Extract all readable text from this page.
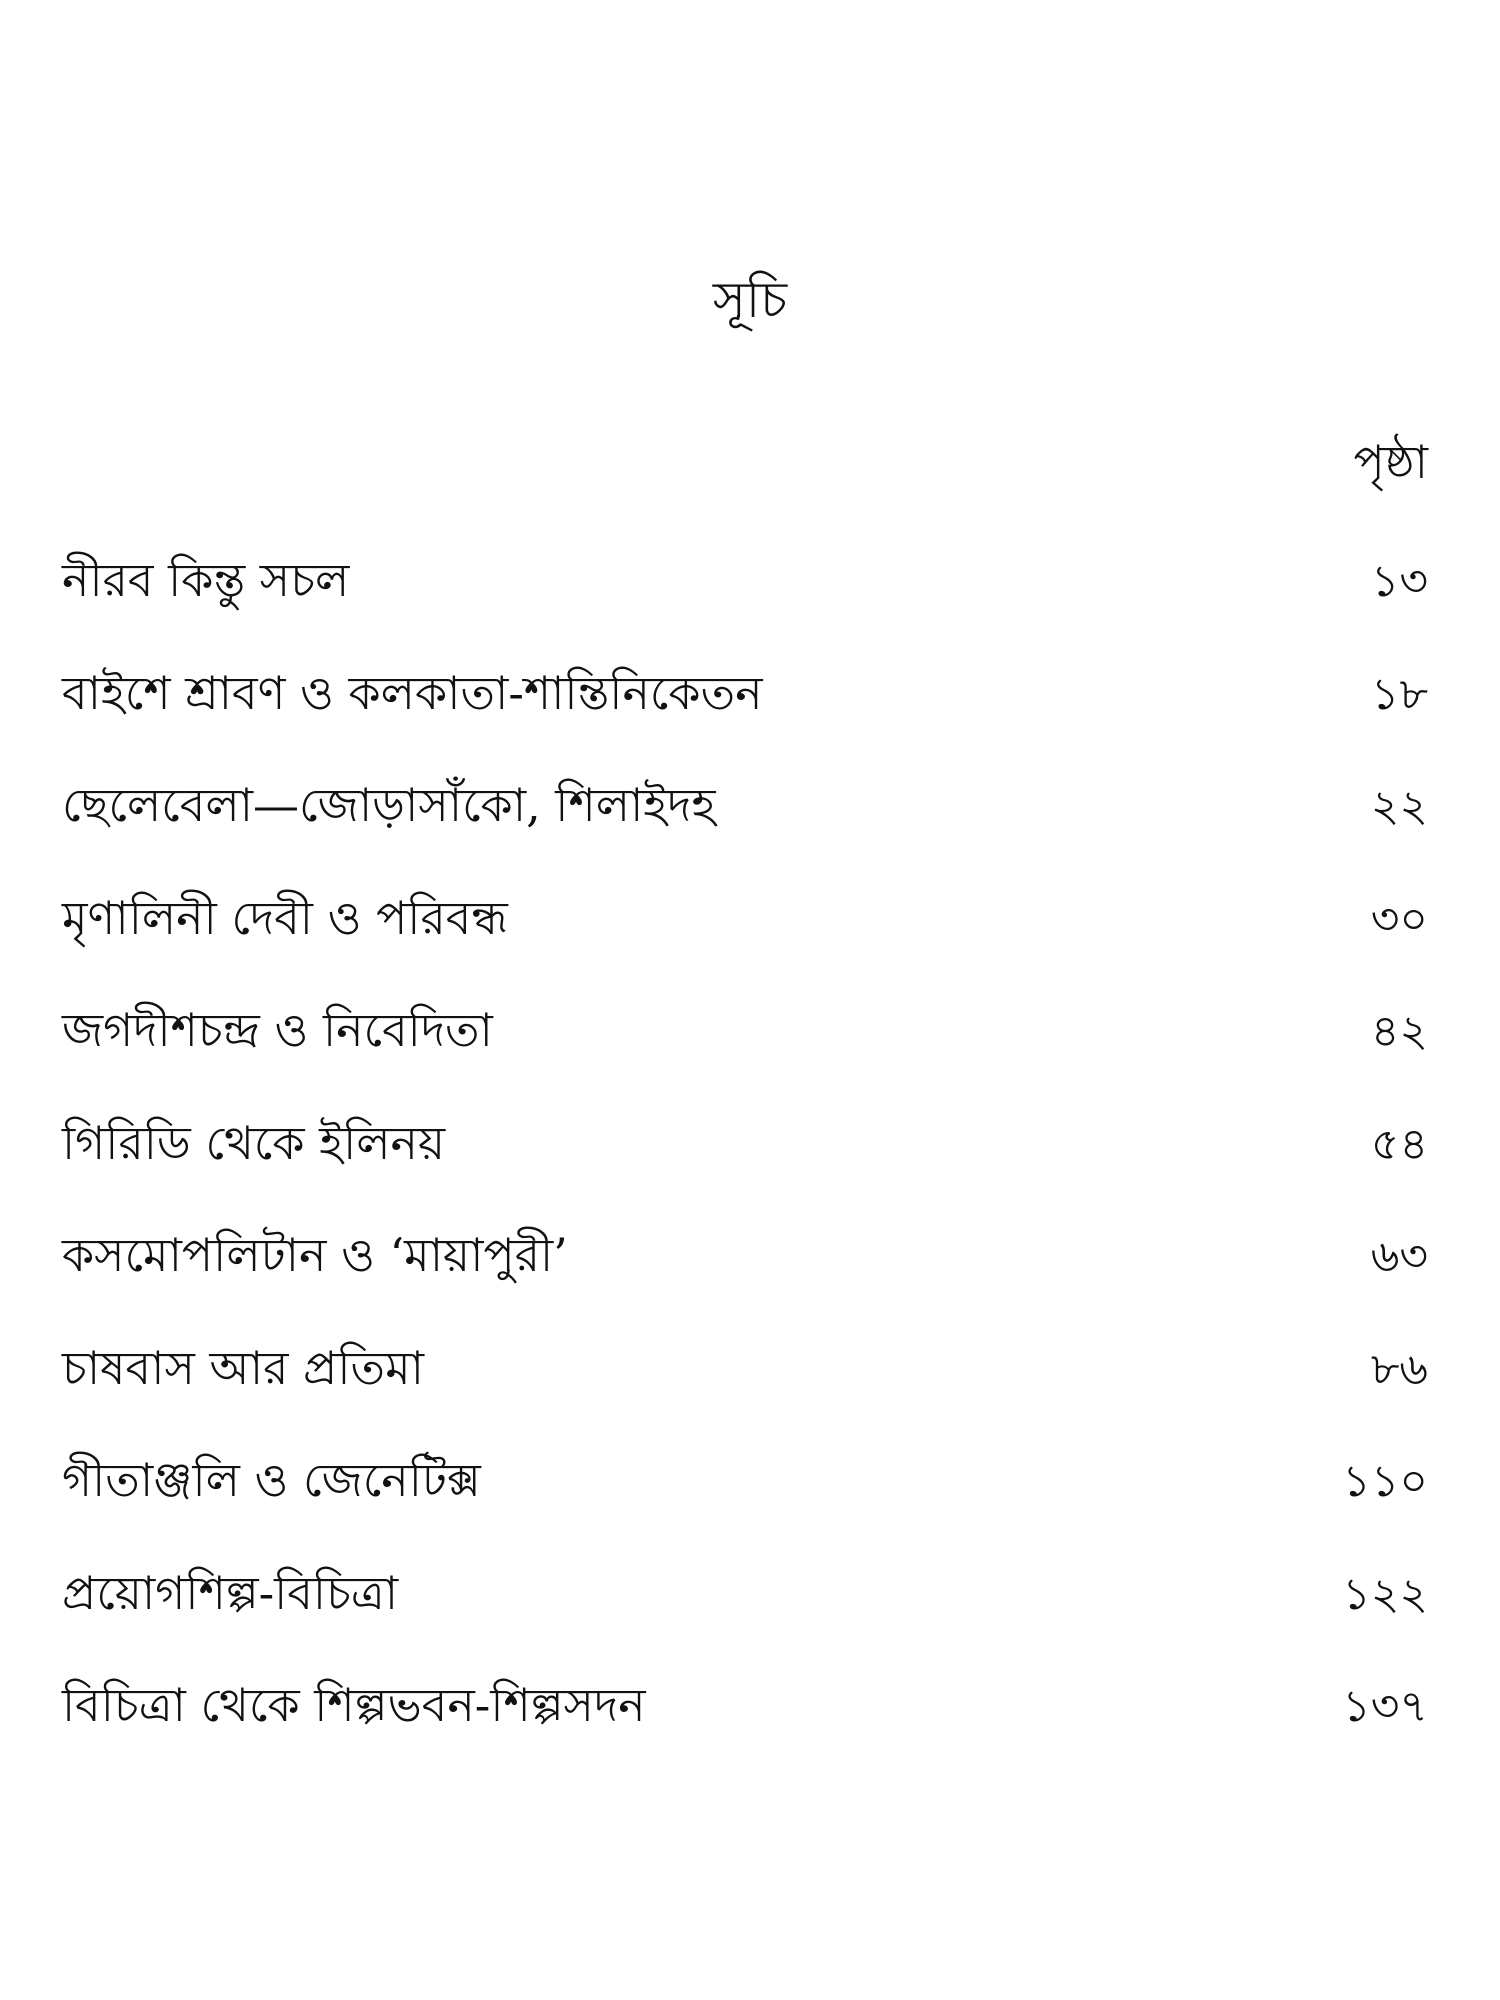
সূচি
পৃষ্ঠা
নীরব কিন্তু সচল	১৩
বাইশে শ্রাবণ ও কলকাতা-শান্তিনিকেতন	১৮
ছেলেবেলা—জোড়াসাঁকো, শিলাইদহ	২২
মৃণালিনী দেবী ও পরিবন্ধ	৩০
জগদীশচন্দ্র ও নিবেদিতা	৪২
গিরিডি থেকে ইলিনয়	৫৪
কসমোপলিটান ও ‘মায়াপুরী’	৬৩
চাষবাস আর প্রতিমা	৮৬
গীতাঞ্জলি ও জেনেটিক্স	১১০
প্রয়োগশিল্প-বিচিত্রা	১২২
বিচিত্রা থেকে শিল্পভবন-শিল্পসদন	১৩৭
